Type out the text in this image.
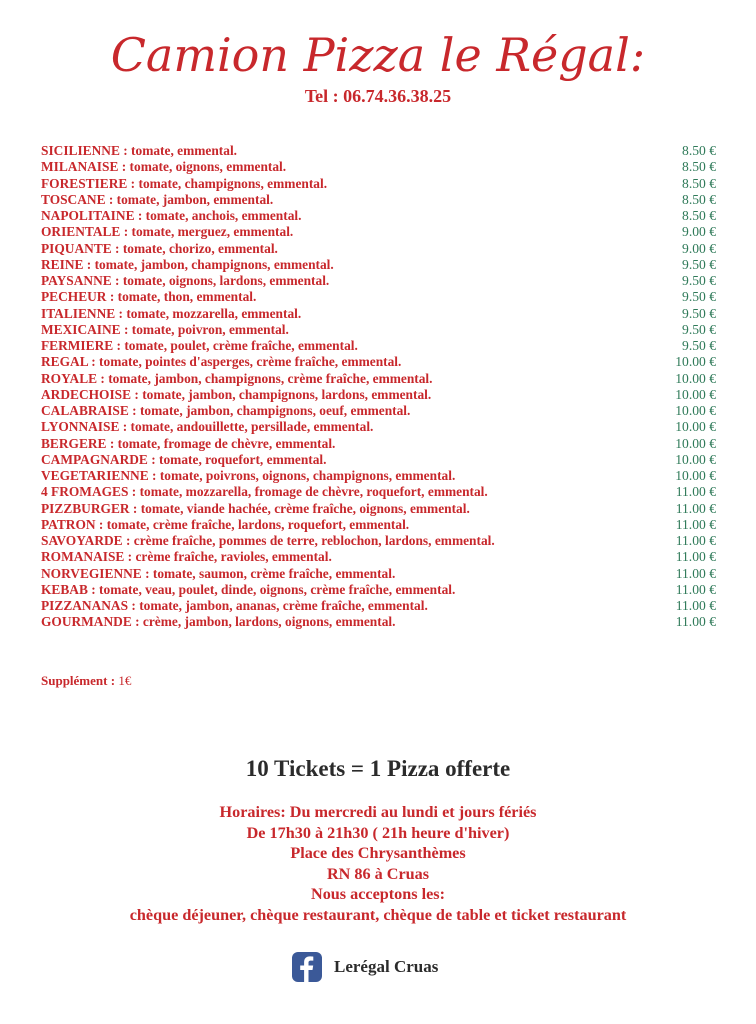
Camion Pizza le Régal:
Tel : 06.74.36.38.25
SICILIENNE : tomate, emmental.	8.50 €
MILANAISE : tomate, oignons, emmental.	8.50 €
FORESTIERE : tomate, champignons, emmental.	8.50 €
TOSCANE : tomate, jambon, emmental.	8.50 €
NAPOLITAINE : tomate, anchois, emmental.	8.50 €
ORIENTALE : tomate, merguez, emmental.	9.00 €
PIQUANTE : tomate, chorizo, emmental.	9.00 €
REINE : tomate, jambon, champignons, emmental.	9.50 €
PAYSANNE : tomate, oignons, lardons, emmental.	9.50 €
PECHEUR : tomate, thon, emmental.	9.50 €
ITALIENNE : tomate, mozzarella, emmental.	9.50 €
MEXICAINE : tomate, poivron, emmental.	9.50 €
FERMIERE : tomate, poulet, crème fraîche, emmental.	9.50 €
REGAL : tomate, pointes d'asperges, crème fraîche, emmental.	10.00 €
ROYALE : tomate, jambon, champignons, crème fraîche, emmental.	10.00 €
ARDECHOISE : tomate, jambon, champignons, lardons, emmental.	10.00 €
CALABRAISE : tomate, jambon, champignons, oeuf, emmental.	10.00 €
LYONNAISE : tomate, andouillette, persillade, emmental.	10.00 €
BERGERE : tomate, fromage de chèvre, emmental.	10.00 €
CAMPAGNARDE : tomate, roquefort, emmental.	10.00 €
VEGETARIENNE : tomate, poivrons, oignons, champignons, emmental.	10.00 €
4 FROMAGES : tomate, mozzarella, fromage de chèvre, roquefort, emmental.	11.00 €
PIZZBURGER : tomate, viande hachée, crème fraîche, oignons, emmental.	11.00 €
PATRON : tomate, crème fraîche, lardons, roquefort, emmental.	11.00 €
SAVOYARDE : crème fraîche, pommes de terre, reblochon, lardons, emmental.	11.00 €
ROMANAISE : crème fraîche, ravioles, emmental.	11.00 €
NORVEGIENNE : tomate, saumon, crème fraîche, emmental.	11.00 €
KEBAB : tomate, veau, poulet, dinde, oignons, crème fraîche, emmental.	11.00 €
PIZZANANAS : tomate, jambon, ananas, crème fraîche, emmental.	11.00 €
GOURMANDE : crème, jambon, lardons, oignons, emmental.	11.00 €
Supplément : 1€
10 Tickets = 1 Pizza offerte
Horaires: Du mercredi au lundi et jours fériés
De 17h30 à 21h30 ( 21h heure d'hiver)
Place des Chrysanthèmes
RN 86 à Cruas
Nous acceptons les:
chèque déjeuner, chèque restaurant, chèque de table et ticket restaurant
Lerégal Cruas
